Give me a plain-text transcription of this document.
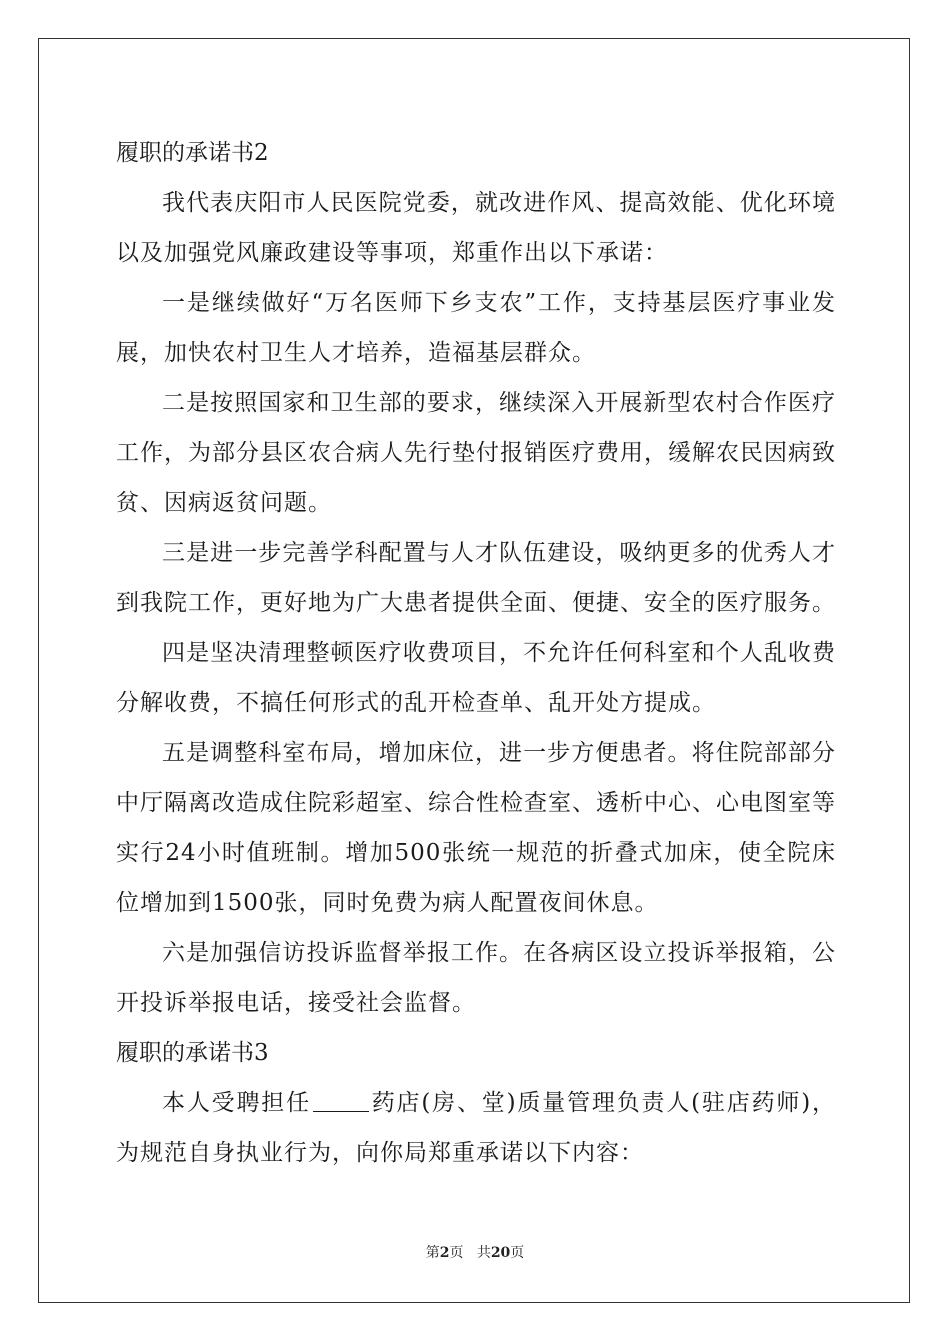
履职的承诺书2

我代表庆阳市人民医院党委，就改进作风、提高效能、优化环境以及加强党风廉政建设等事项，郑重作出以下承诺：

一是继续做好“万名医师下乡支农”工作，支持基层医疗事业发展，加快农村卫生人才培养，造福基层群众。

二是按照国家和卫生部的要求，继续深入开展新型农村合作医疗工作，为部分县区农合病人先行垫付报销医疗费用，缓解农民因病致贫、因病返贫问题。

三是进一步完善学科配置与人才队伍建设，吸纳更多的优秀人才到我院工作，更好地为广大患者提供全面、便捷、安全的医疗服务。

四是坚决清理整顿医疗收费项目，不允许任何科室和个人乱收费分解收费，不搞任何形式的乱开检查单、乱开处方提成。

五是调整科室布局，增加床位，进一步方便患者。将住院部部分中厅隔离改造成住院彩超室、综合性检查室、透析中心、心电图室等实行24小时值班制。增加500张统一规范的折叠式加床，使全院床位增加到1500张，同时免费为病人配置夜间休息。

六是加强信访投诉监督举报工作。在各病区设立投诉举报箱，公开投诉举报电话，接受社会监督。

履职的承诺书3

本人受聘担任	药店(房、堂)质量管理负责人(驻店药师)，为规范自身执业行为，向你局郑重承诺以下内容：

第2页 共20页
